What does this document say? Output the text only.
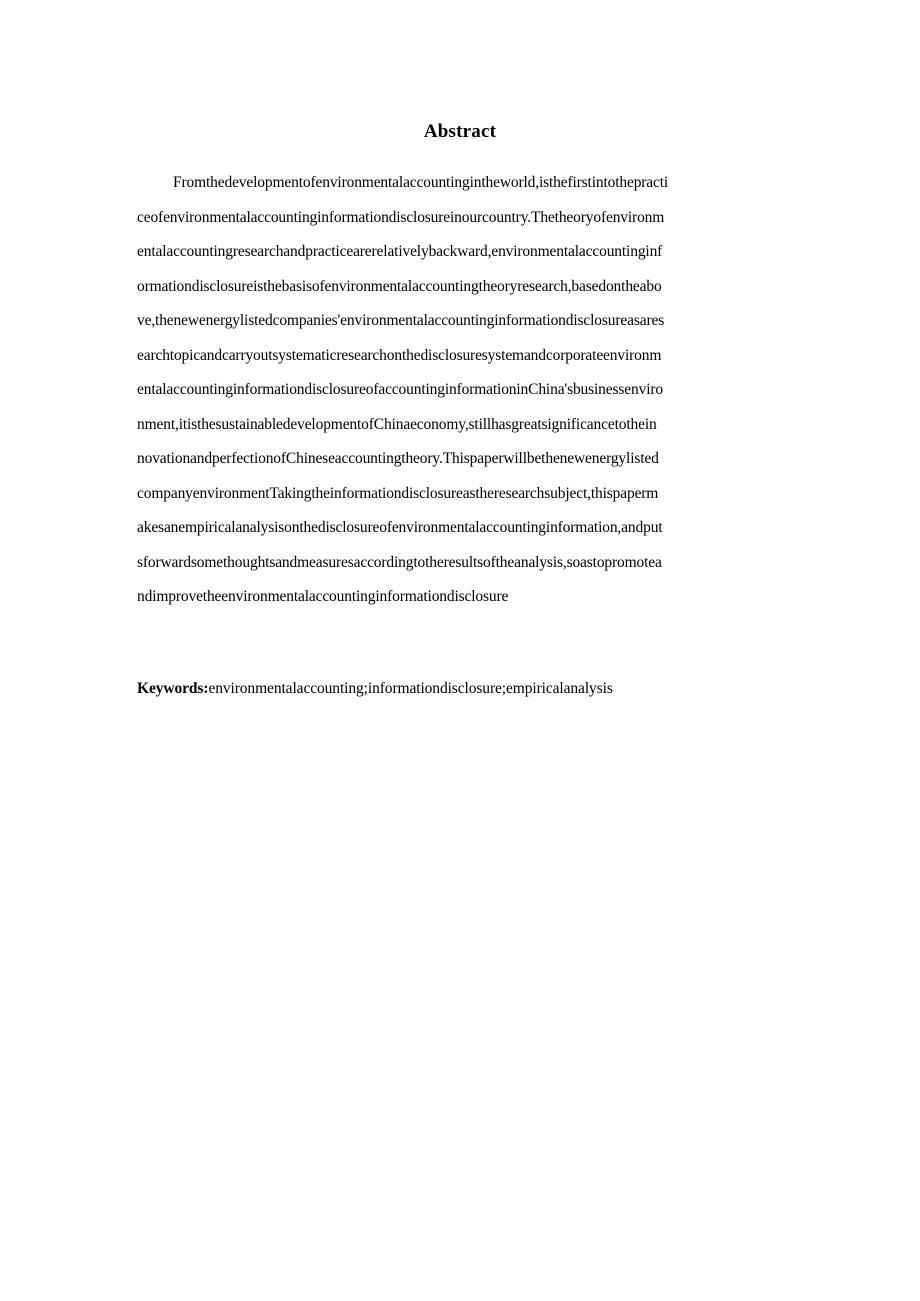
Abstract
Fromthedevelopmentofenvironmentalaccountingintheworld,isthefirstintothepracti
ceofenvironmentalaccountinginformationdisclosureinourcountry.Thetheoryofenvironm
entalaccountingresearchandpracticearerelativelybackward,environmentalaccountinginf
ormationdisclosureisthebasisofenvironmentalaccountingtheoryresearch,basedontheabo
ve,thenewenergylistedcompanies'environmentalaccountinginformationdisclosureasares
earchtopicandcarryoutsystematicresearchonthedisclosuresystemandcorporateenvironm
entalaccountinginformationdisclosureofaccountinginformationinChina'sbusinessenviro
nment,itisthesustainabledevelopmentofChinaeconomy,stillhasgreatsignificancetothein
novationandperfectionofChineseaccountingtheory.Thispaperwillbethenewenergylisted
companyenvironmentTakingtheinformationdisclosureastheresearchsubject,thispaperm
akesanempiricalanalysisonthedisclosureofenvironmentalaccountinginformation,andput
sforwardsomethoughtsandmeasuresaccordingtotheresultsoftheanalysis,soastopromotea
ndimprovetheenvironmentalaccountinginformationdisclosure
Keywords:environmentalaccounting;informationdisclosure;empiricalanalysis
